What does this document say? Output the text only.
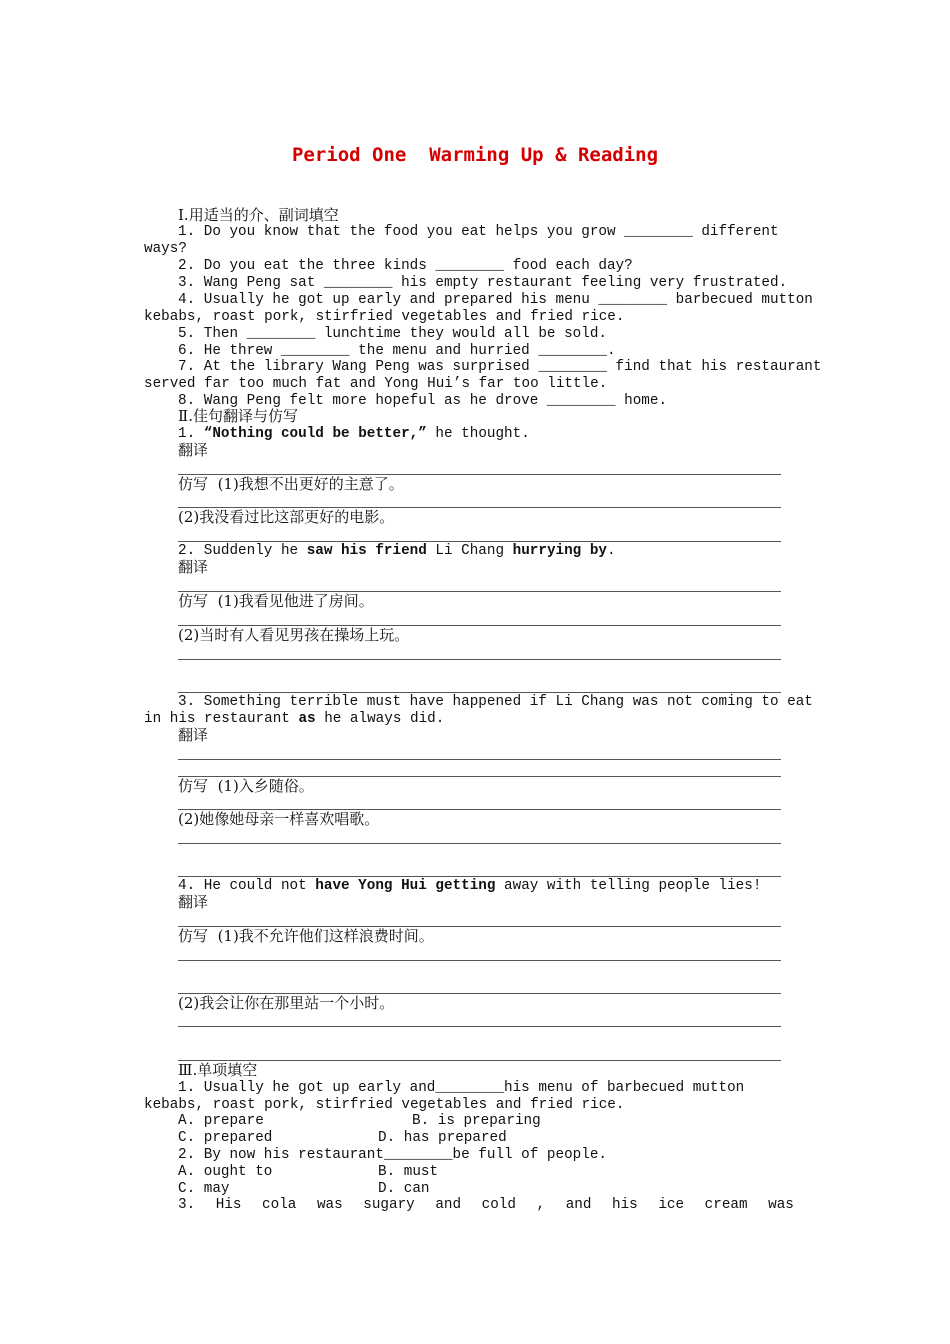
Period One  Warming Up & Reading
Ⅰ.用适当的介、副词填空
1. Do you know that the food you eat helps you grow ________ different
ways?
2. Do you eat the three kinds ________ food each day?
3. Wang Peng sat ________ his empty restaurant feeling very frustrated.
4. Usually he got up early and prepared his menu ________ barbecued mutton
kebabs, roast pork, stirfried vegetables and fried rice.
5. Then ________ lunchtime they would all be sold.
6. He threw ________ the menu and hurried ________.
7. At the library Wang Peng was surprised ________ find that his restaurant
served far too much fat and Yong Hui’s far too little.
8. Wang Peng felt more hopeful as he drove ________ home.
Ⅱ.佳句翻译与仿写
1. “Nothing could be better,” he thought.
翻译
仿写 (1)我想不出更好的主意了。
(2)我没看过比这部更好的电影。
2. Suddenly he saw his friend Li Chang hurrying by.
翻译
仿写 (1)我看见他进了房间。
(2)当时有人看见男孩在操场上玩。
3. Something terrible must have happened if Li Chang was not coming to eat
in his restaurant as he always did.
翻译
仿写 (1)入乡随俗。
(2)她像她母亲一样喜欢唱歌。
4. He could not have Yong Hui getting away with telling people lies!
翻译
仿写 (1)我不允许他们这样浪费时间。
(2)我会让你在那里站一个小时。
Ⅲ.单项填空
1. Usually he got up early and________his menu of barbecued mutton
kebabs, roast pork, stirfried vegetables and fried rice.
A. prepare	B. is preparing
C. prepared	D. has prepared
2. By now his restaurant________be full of people.
A. ought to	B. must
C. may	D. can
3. His cola was sugary and cold , and his ice cream was
